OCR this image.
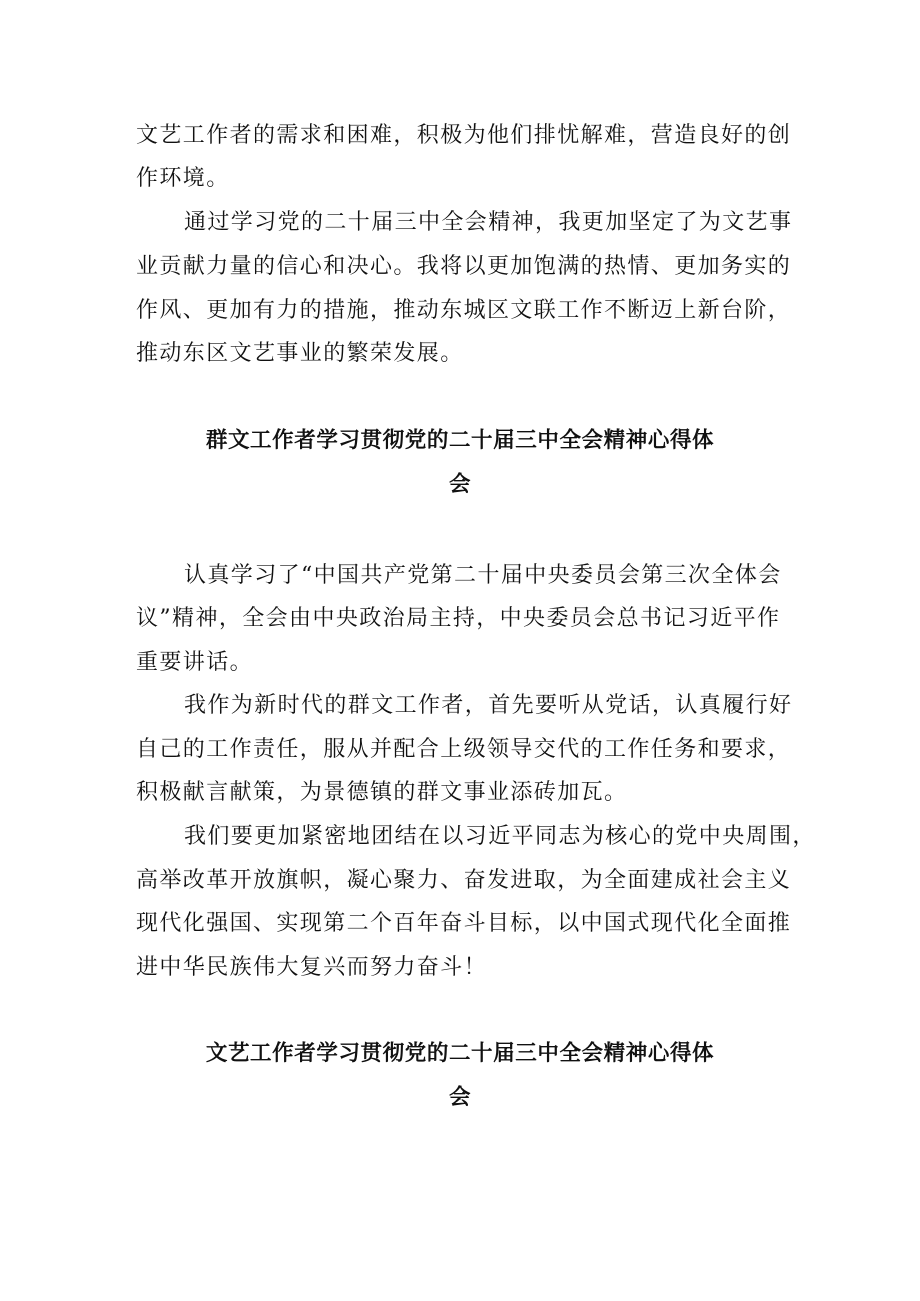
文艺工作者的需求和困难，积极为他们排忧解难，营造良好的创
作环境。
通过学习党的二十届三中全会精神，我更加坚定了为文艺事
业贡献力量的信心和决心。我将以更加饱满的热情、更加务实的
作风、更加有力的措施，推动东城区文联工作不断迈上新台阶，
推动东区文艺事业的繁荣发展。
群文工作者学习贯彻党的二十届三中全会精神心得体
会
认真学习了“中国共产党第二十届中央委员会第三次全体会
议”精神，全会由中央政治局主持，中央委员会总书记习近平作
重要讲话。
我作为新时代的群文工作者，首先要听从党话，认真履行好
自己的工作责任，服从并配合上级领导交代的工作任务和要求，
积极献言献策，为景德镇的群文事业添砖加瓦。
我们要更加紧密地团结在以习近平同志为核心的党中央周围，
高举改革开放旗帜，凝心聚力、奋发进取，为全面建成社会主义
现代化强国、实现第二个百年奋斗目标，以中国式现代化全面推
进中华民族伟大复兴而努力奋斗！
文艺工作者学习贯彻党的二十届三中全会精神心得体
会
